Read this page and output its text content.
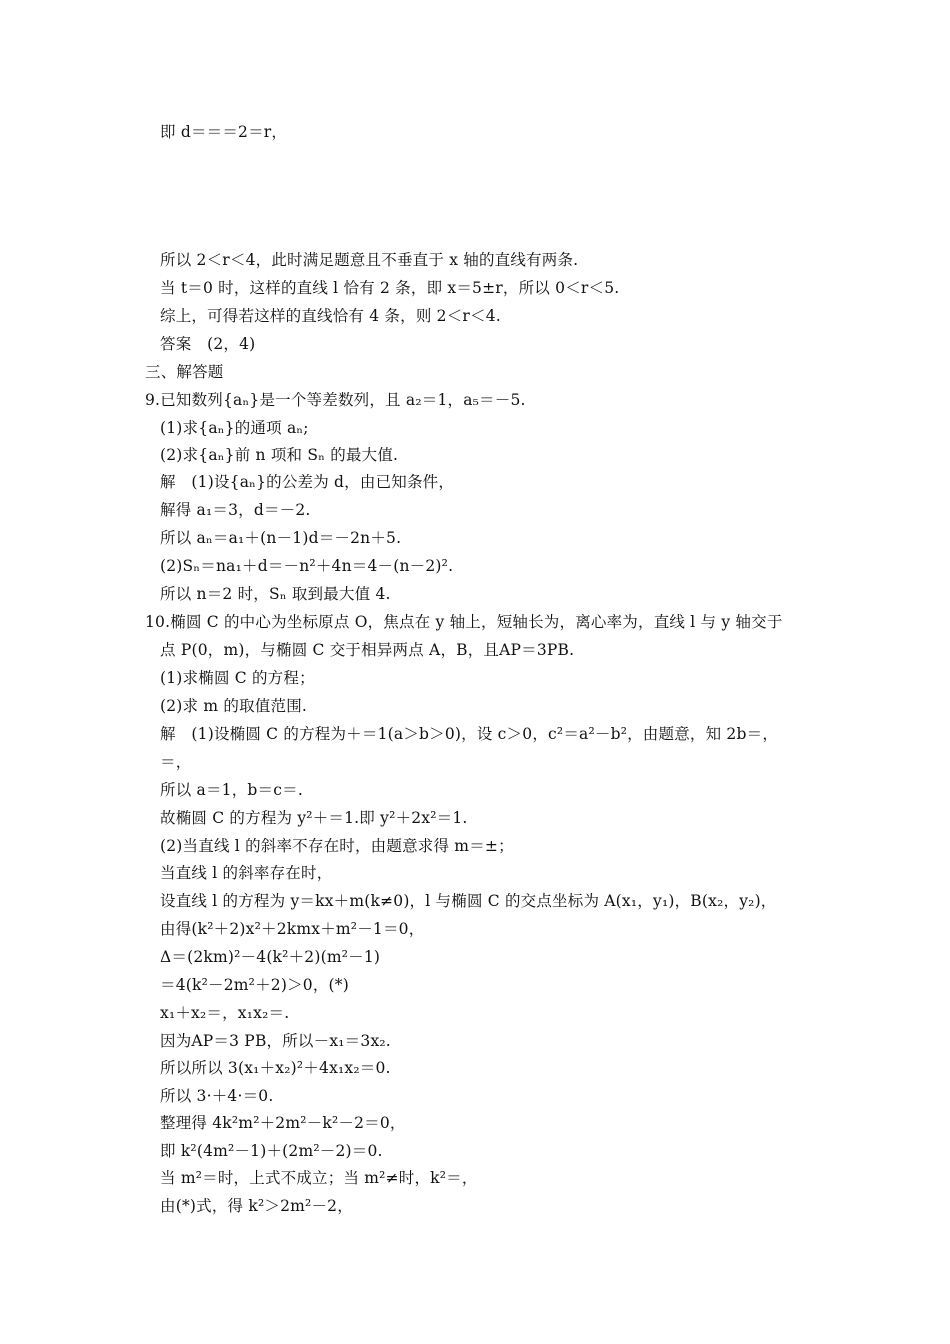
即 d＝＝＝2＝r，
所以 2＜r＜4，此时满足题意且不垂直于 x 轴的直线有两条.
当 t＝0 时，这样的直线 l 恰有 2 条，即 x＝5±r，所以 0＜r＜5.
综上，可得若这样的直线恰有 4 条，则 2＜r＜4.
答案　(2，4)
三、解答题
9.已知数列{aₙ}是一个等差数列，且 a₂＝1，a₅＝－5.
(1)求{aₙ}的通项 aₙ;
(2)求{aₙ}前 n 项和 Sₙ 的最大值.
解　(1)设{aₙ}的公差为 d，由已知条件，
解得 a₁＝3，d＝－2.
所以 aₙ＝a₁＋(n－1)d＝－2n＋5.
(2)Sₙ＝na₁＋d＝－n²＋4n＝4－(n－2)².
所以 n＝2 时，Sₙ 取到最大值 4.
10.椭圆 C 的中心为坐标原点 O，焦点在 y 轴上，短轴长为，离心率为，直线 l 与 y 轴交于
点 P(0，m)，与椭圆 C 交于相异两点 A，B，且AP＝3PB.
(1)求椭圆 C 的方程；
(2)求 m 的取值范围.
解　(1)设椭圆 C 的方程为＋＝1(a＞b＞0)，设 c＞0，c²＝a²－b²，由题意，知 2b＝，
＝，
所以 a＝1，b＝c＝.
故椭圆 C 的方程为 y²＋＝1.即 y²＋2x²＝1.
(2)当直线 l 的斜率不存在时，由题意求得 m＝±；
当直线 l 的斜率存在时，
设直线 l 的方程为 y＝kx＋m(k≠0)，l 与椭圆 C 的交点坐标为 A(x₁，y₁)，B(x₂，y₂)，
由得(k²＋2)x²＋2kmx＋m²－1＝0，
Δ＝(2km)²－4(k²＋2)(m²－1)
＝4(k²－2m²＋2)＞0，(*)
x₁＋x₂＝，x₁x₂＝.
因为AP＝3 PB，所以－x₁＝3x₂.
所以所以 3(x₁＋x₂)²＋4x₁x₂＝0.
所以 3·＋4·＝0.
整理得 4k²m²＋2m²－k²－2＝0，
即 k²(4m²－1)＋(2m²－2)＝0.
当 m²＝时，上式不成立；当 m²≠时，k²＝，
由(*)式，得 k²＞2m²－2，
